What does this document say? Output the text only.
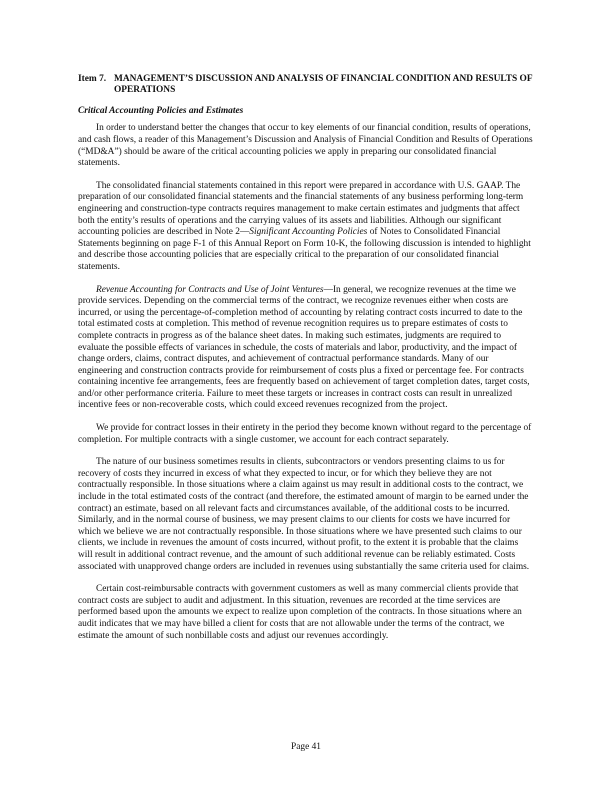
Item 7. MANAGEMENT’S DISCUSSION AND ANALYSIS OF FINANCIAL CONDITION AND RESULTS OF OPERATIONS
Critical Accounting Policies and Estimates

In order to understand better the changes that occur to key elements of our financial condition, results of operations, and cash flows, a reader of this Management’s Discussion and Analysis of Financial Condition and Results of Operations (“MD&A”) should be aware of the critical accounting policies we apply in preparing our consolidated financial statements.

The consolidated financial statements contained in this report were prepared in accordance with U.S. GAAP. The preparation of our consolidated financial statements and the financial statements of any business performing long-term engineering and construction-type contracts requires management to make certain estimates and judgments that affect both the entity’s results of operations and the carrying values of its assets and liabilities. Although our significant accounting policies are described in Note 2—Significant Accounting Policies of Notes to Consolidated Financial Statements beginning on page F-1 of this Annual Report on Form 10-K, the following discussion is intended to highlight and describe those accounting policies that are especially critical to the preparation of our consolidated financial statements.

Revenue Accounting for Contracts and Use of Joint Ventures—In general, we recognize revenues at the time we provide services. Depending on the commercial terms of the contract, we recognize revenues either when costs are incurred, or using the percentage-of-completion method of accounting by relating contract costs incurred to date to the total estimated costs at completion. This method of revenue recognition requires us to prepare estimates of costs to complete contracts in progress as of the balance sheet dates. In making such estimates, judgments are required to evaluate the possible effects of variances in schedule, the costs of materials and labor, productivity, and the impact of change orders, claims, contract disputes, and achievement of contractual performance standards. Many of our engineering and construction contracts provide for reimbursement of costs plus a fixed or percentage fee. For contracts containing incentive fee arrangements, fees are frequently based on achievement of target completion dates, target costs, and/or other performance criteria. Failure to meet these targets or increases in contract costs can result in unrealized incentive fees or non-recoverable costs, which could exceed revenues recognized from the project.

We provide for contract losses in their entirety in the period they become known without regard to the percentage of completion. For multiple contracts with a single customer, we account for each contract separately.

The nature of our business sometimes results in clients, subcontractors or vendors presenting claims to us for recovery of costs they incurred in excess of what they expected to incur, or for which they believe they are not contractually responsible. In those situations where a claim against us may result in additional costs to the contract, we include in the total estimated costs of the contract (and therefore, the estimated amount of margin to be earned under the contract) an estimate, based on all relevant facts and circumstances available, of the additional costs to be incurred. Similarly, and in the normal course of business, we may present claims to our clients for costs we have incurred for which we believe we are not contractually responsible. In those situations where we have presented such claims to our clients, we include in revenues the amount of costs incurred, without profit, to the extent it is probable that the claims will result in additional contract revenue, and the amount of such additional revenue can be reliably estimated. Costs associated with unapproved change orders are included in revenues using substantially the same criteria used for claims.

Certain cost-reimbursable contracts with government customers as well as many commercial clients provide that contract costs are subject to audit and adjustment. In this situation, revenues are recorded at the time services are performed based upon the amounts we expect to realize upon completion of the contracts. In those situations where an audit indicates that we may have billed a client for costs that are not allowable under the terms of the contract, we estimate the amount of such nonbillable costs and adjust our revenues accordingly.

Page 41
